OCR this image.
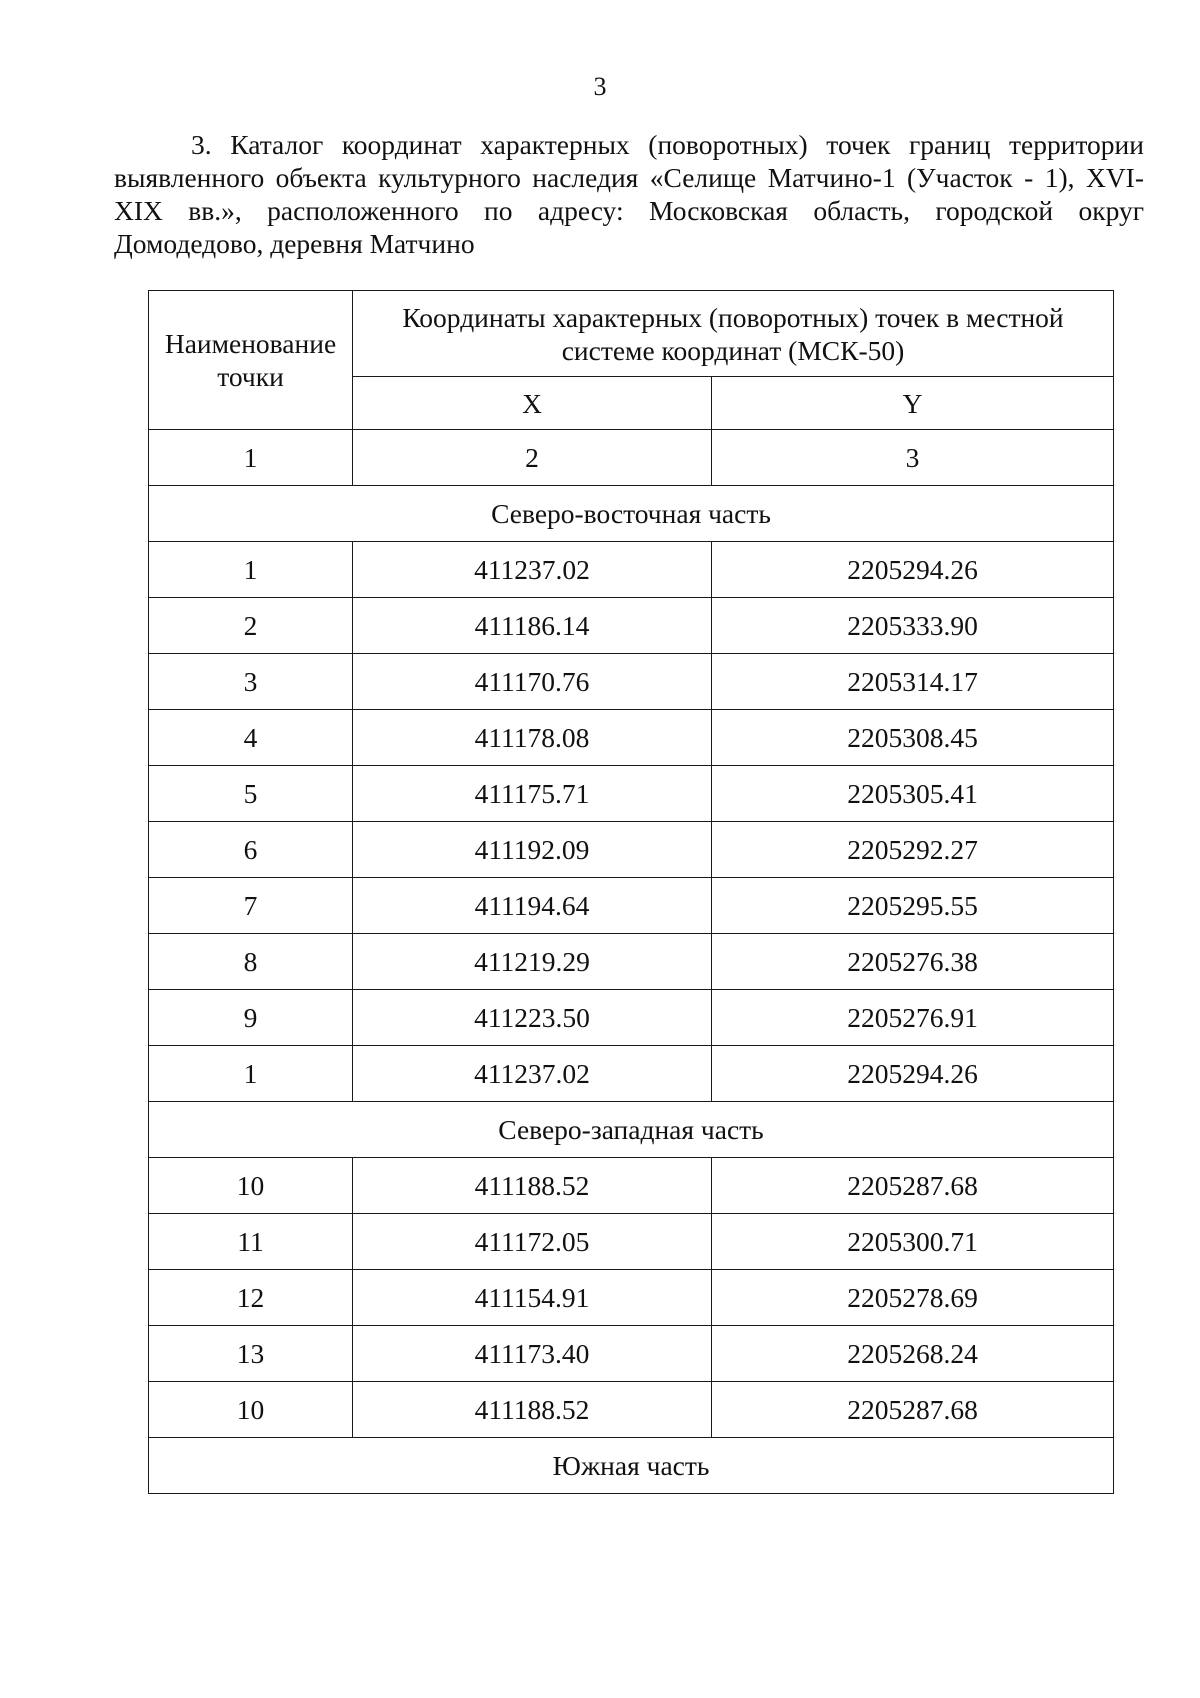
3

3. Каталог координат характерных (поворотных) точек границ территории выявленного объекта культурного наследия «Селище Матчино-1 (Участок - 1), XVI-XIX вв.», расположенного по адресу: Московская область, городской округ Домодедово, деревня Матчино

Наименование точки	Координаты характерных (поворотных) точек в местной системе координат (МСК-50)	
	X	Y
1	2	3
Северо-восточная часть		
1	411237.02	2205294.26
2	411186.14	2205333.90
3	411170.76	2205314.17
4	411178.08	2205308.45
5	411175.71	2205305.41
6	411192.09	2205292.27
7	411194.64	2205295.55
8	411219.29	2205276.38
9	411223.50	2205276.91
1	411237.02	2205294.26
Северо-западная часть		
10	411188.52	2205287.68
11	411172.05	2205300.71
12	411154.91	2205278.69
13	411173.40	2205268.24
10	411188.52	2205287.68
Южная часть		
